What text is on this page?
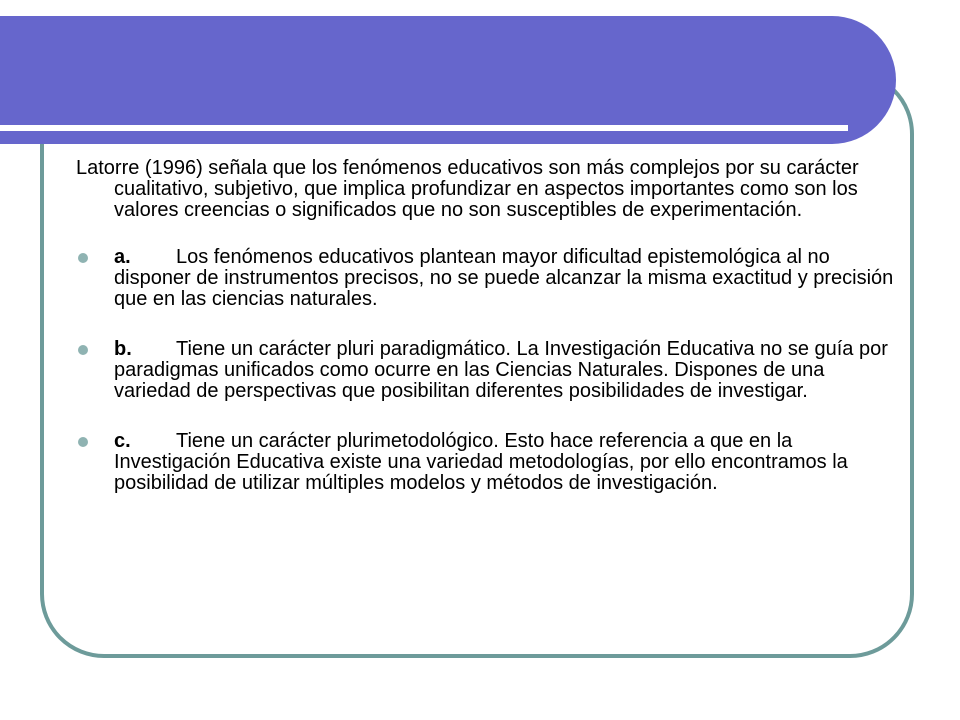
Latorre (1996) señala que los fenómenos educativos son más complejos por su carácter cualitativo, subjetivo, que implica profundizar en aspectos importantes como son los valores creencias o significados que no son susceptibles de experimentación.

a. Los fenómenos educativos plantean mayor dificultad epistemológica al no disponer de instrumentos precisos, no se puede alcanzar la misma exactitud y precisión que en las ciencias naturales.
b. Tiene un carácter pluri paradigmático. La Investigación Educativa no se guía por paradigmas unificados como ocurre en las Ciencias Naturales. Dispones de una variedad de perspectivas que posibilitan diferentes posibilidades de investigar.
c. Tiene un carácter plurimetodológico. Esto hace referencia a que en la Investigación Educativa existe una variedad metodologías, por ello encontramos la posibilidad de utilizar múltiples modelos y métodos de investigación.
